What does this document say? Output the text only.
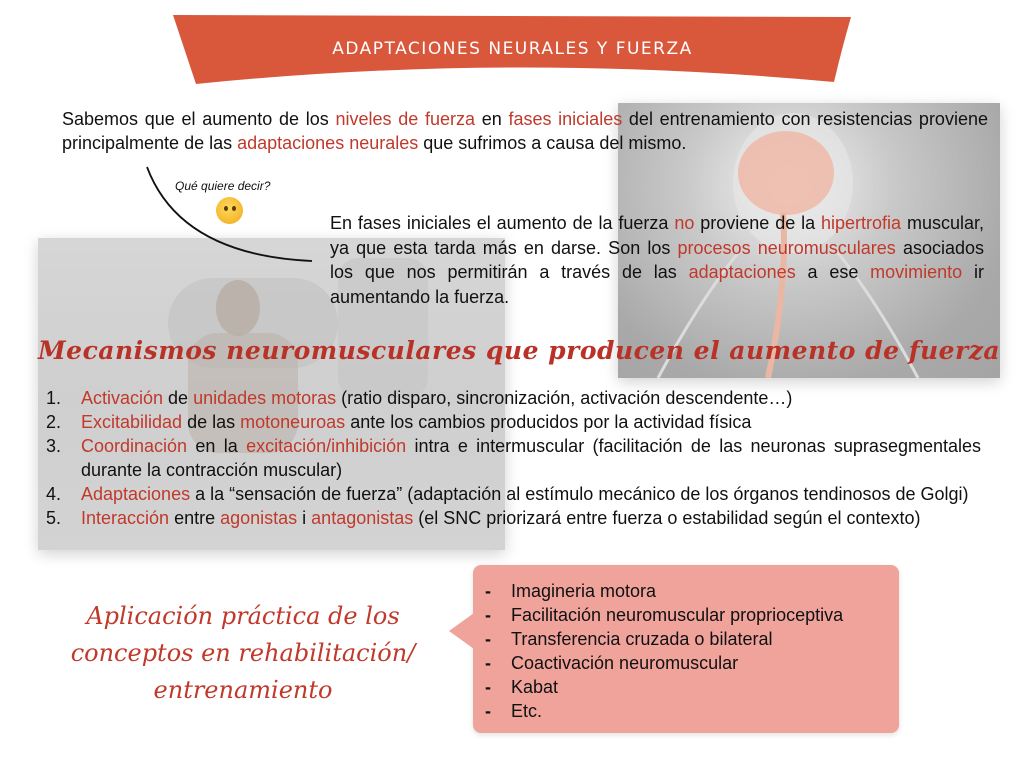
ADAPTACIONES NEURALES Y FUERZA

Sabemos que el aumento de los niveles de fuerza en fases iniciales del entrenamiento con resistencias proviene principalmente de las adaptaciones neurales que sufrimos a causa del mismo.

Qué quiere decir?

En fases iniciales el aumento de la fuerza no proviene de la hipertrofia muscular, ya que esta tarda más en darse. Son los procesos neuromusculares asociados los que nos permitirán a través de las adaptaciones a ese movimiento ir aumentando la fuerza.

Mecanismos neuromusculares que producen el aumento de fuerza
1.	Activación de unidades motoras (ratio disparo, sincronización, activación descendente…)
2.	Excitabilidad de las motoneuroas ante los cambios producidos por la actividad física
3.	Coordinación en la excitación/inhibición intra e intermuscular (facilitación de las neuronas suprasegmentales durante la contracción muscular)
4.	Adaptaciones a la “sensación de fuerza” (adaptación al estímulo mecánico de los órganos tendinosos de Golgi)
5.	Interacción entre agonistas i antagonistas (el SNC priorizará entre fuerza o estabilidad según el contexto)
Aplicación práctica de los
conceptos en rehabilitación/
entrenamiento
-	Imagineria motora
-	Facilitación neuromuscular proprioceptiva
-	Transferencia cruzada o bilateral
-	Coactivación neuromuscular
-	Kabat
-	Etc.
